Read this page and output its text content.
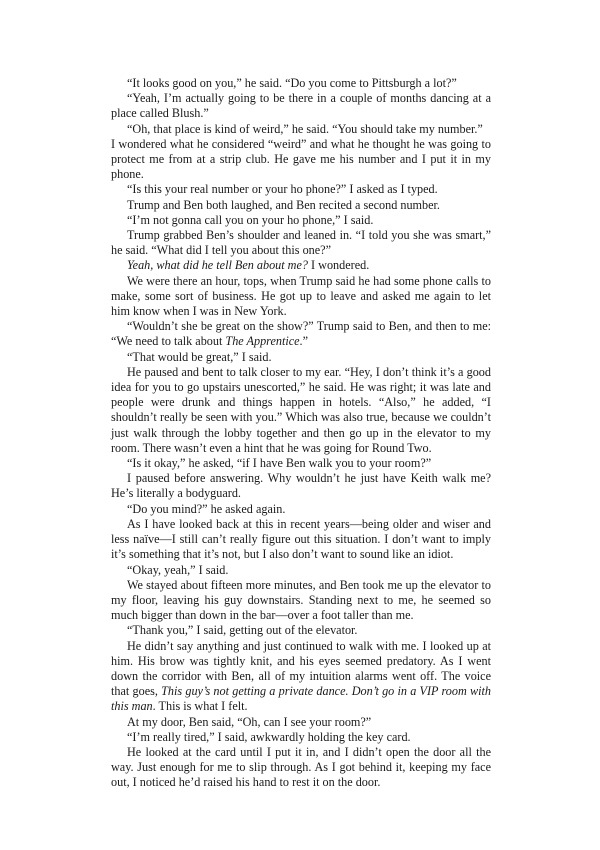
“It looks good on you,” he said. “Do you come to Pittsburgh a lot?”

“Yeah, I’m actually going to be there in a couple of months dancing at a place called Blush.”

“Oh, that place is kind of weird,” he said. “You should take my number.”

I wondered what he considered “weird” and what he thought he was going to protect me from at a strip club. He gave me his number and I put it in my phone.

“Is this your real number or your ho phone?” I asked as I typed.

Trump and Ben both laughed, and Ben recited a second number.

“I’m not gonna call you on your ho phone,” I said.

Trump grabbed Ben’s shoulder and leaned in. “I told you she was smart,” he said. “What did I tell you about this one?”

Yeah, what did he tell Ben about me? I wondered.

We were there an hour, tops, when Trump said he had some phone calls to make, some sort of business. He got up to leave and asked me again to let him know when I was in New York.

“Wouldn’t she be great on the show?” Trump said to Ben, and then to me: “We need to talk about The Apprentice.”

“That would be great,” I said.

He paused and bent to talk closer to my ear. “Hey, I don’t think it’s a good idea for you to go upstairs unescorted,” he said. He was right; it was late and people were drunk and things happen in hotels. “Also,” he added, “I shouldn’t really be seen with you.” Which was also true, because we couldn’t just walk through the lobby together and then go up in the elevator to my room. There wasn’t even a hint that he was going for Round Two.

“Is it okay,” he asked, “if I have Ben walk you to your room?”

I paused before answering. Why wouldn’t he just have Keith walk me? He’s literally a bodyguard.

“Do you mind?” he asked again.

As I have looked back at this in recent years—being older and wiser and less naïve—I still can’t really figure out this situation. I don’t want to imply it’s something that it’s not, but I also don’t want to sound like an idiot.

“Okay, yeah,” I said.

We stayed about fifteen more minutes, and Ben took me up the elevator to my floor, leaving his guy downstairs. Standing next to me, he seemed so much bigger than down in the bar—over a foot taller than me.

“Thank you,” I said, getting out of the elevator.

He didn’t say anything and just continued to walk with me. I looked up at him. His brow was tightly knit, and his eyes seemed predatory. As I went down the corridor with Ben, all of my intuition alarms went off. The voice that goes, This guy’s not getting a private dance. Don’t go in a VIP room with this man. This is what I felt.

At my door, Ben said, “Oh, can I see your room?”

“I’m really tired,” I said, awkwardly holding the key card.

He looked at the card until I put it in, and I didn’t open the door all the way. Just enough for me to slip through. As I got behind it, keeping my face out, I noticed he’d raised his hand to rest it on the door.
